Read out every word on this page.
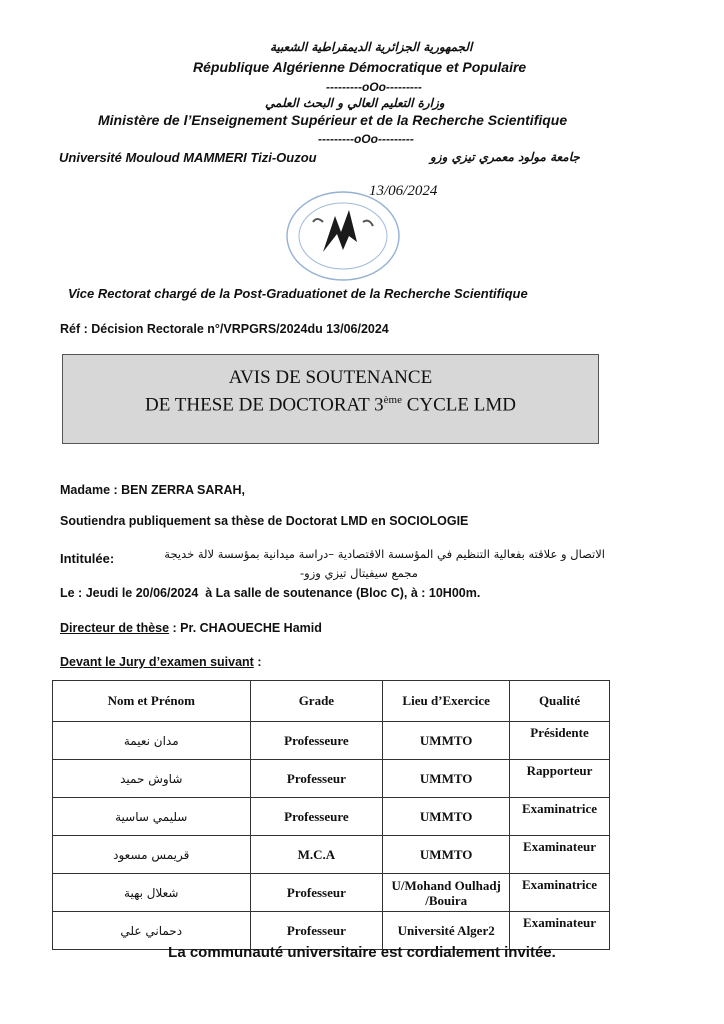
الجمهورية الجزائرية الديمقراطية الشعبية
République Algérienne Démocratique et Populaire
---------oOo---------
وزارة التعليم العالي و البحث العلمي
Ministère de l’Enseignement Supérieur et de la Recherche Scientifique
---------oOo---------
Université Mouloud MAMMERI Tizi-Ouzou	جامعة مولود معمري تيزي وزو
13/06/2024
Vice Rectorat chargé de la Post-Graduationet de la Recherche Scientifique
Réf : Décision Rectorale n°/VRPGRS/2024du 13/06/2024
AVIS DE SOUTENANCE
DE THESE DE DOCTORAT 3ème CYCLE LMD
Madame : BEN ZERRA SARAH,
Soutiendra publiquement sa thèse de Doctorat LMD en SOCIOLOGIE
Intitulée:	الاتصال و علاقته بفعالية التنظيم في المؤسسة الاقتصادية –دراسة ميدانية بمؤسسة لالة خديجة
مجمع سيفيتال تيزي وزو-
Le : Jeudi le 20/06/2024  à La salle de soutenance (Bloc C), à : 10H00m.
Directeur de thèse : Pr. CHAOUECHE Hamid
Devant le Jury d’examen suivant :
Nom et Prénom	Grade	Lieu d’Exercice	Qualité
مدان نعيمة	Professeure	UMMTO	Présidente
شاوش حميد	Professeur	UMMTO	Rapporteur
سليمي ساسية	Professeure	UMMTO	Examinatrice
قريمس مسعود	M.C.A	UMMTO	Examinateur
شعلال بهية	Professeur	U/Mohand Oulhadj /Bouira	Examinatrice
دحماني علي	Professeur	Université Alger2	Examinateur
La communauté universitaire est cordialement invitée.
